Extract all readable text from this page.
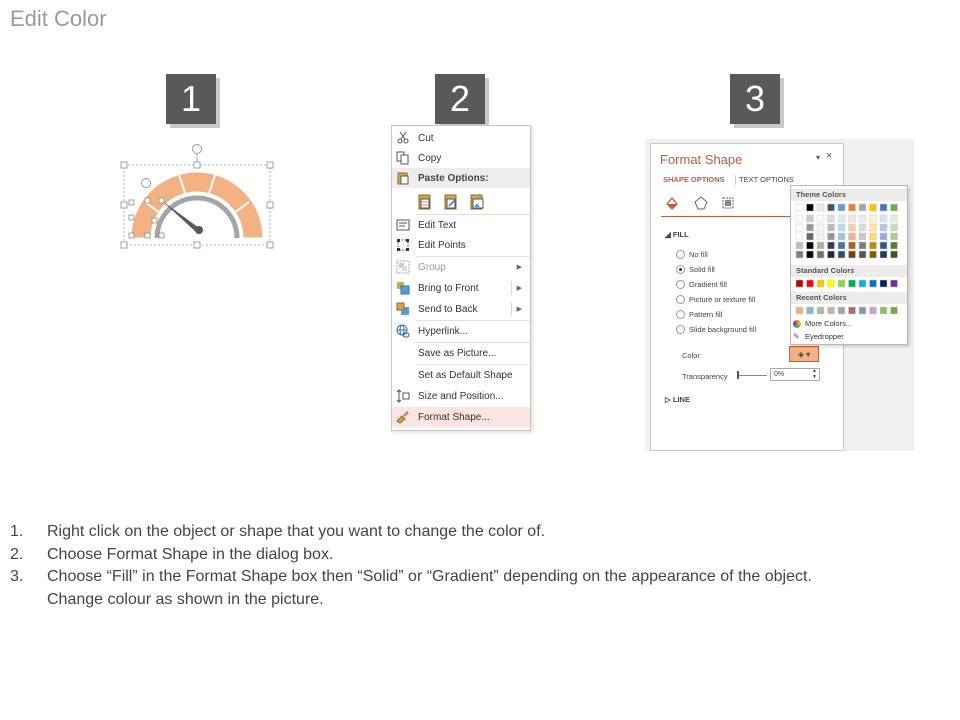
Edit Color
1	2	3
Cut
Copy
Paste Options:
Edit Text
Edit Points
Group	▶
Bring to Front	▶
Send to Back	▶
Hyperlink...
Save as Picture...
Set as Default Shape
Size and Position...
Format Shape...
Format Shape	▾ ×
SHAPE OPTIONS TEXT OPTIONS
◢ FILL
No fill
Solid fill
Gradient fill
Picture or texture fill
Pattern fill
Slide background fill
Color	◈ ▾
Transparency	0%	▲
▼
▷ LINE
Theme Colors
Standard Colors
Recent Colors
More Colors...
✎ Eyedropper
1.	Right click on the object or shape that you want to change the color of.
2.	Choose Format Shape in the dialog box.
3.	Choose “Fill” in the Format Shape box then “Solid” or “Gradient” depending on the appearance of the object.
Change colour as shown in the picture.
